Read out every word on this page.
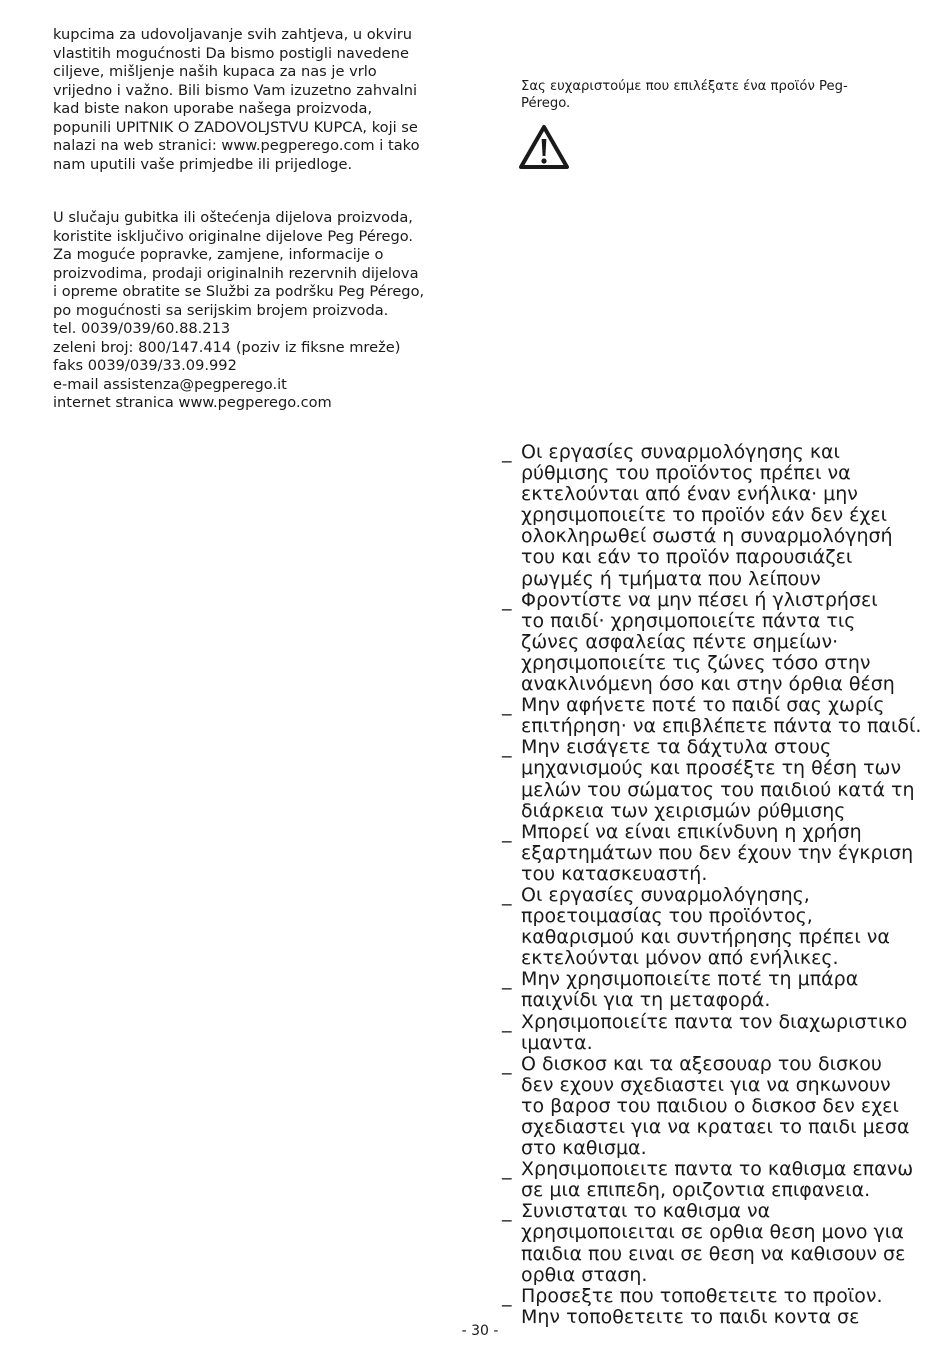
kupcima za udovoljavanje svih zahtjeva, u okviru
vlastitih mogućnosti Da bismo postigli navedene
ciljeve, mišljenje naših kupaca za nas je vrlo
vrijedno i važno. Bili bismo Vam izuzetno zahvalni
kad biste nakon uporabe našega proizvoda,
popunili UPITNIK O ZADOVOLJSTVU KUPCA, koji se
nalazi na web stranici: www.pegperego.com i tako
nam uputili vaše primjedbe ili prijedloge.

U slučaju gubitka ili oštećenja dijelova proizvoda,
koristite isključivo originalne dijelove Peg Pérego.
Za moguće popravke, zamjene, informacije o
proizvodima, prodaji originalnih rezervnih dijelova
i opreme obratite se Službi za podršku Peg Pérego,
po mogućnosti sa serijskim brojem proizvoda.
tel. 0039/039/60.88.213
zeleni broj: 800/147.414 (poziv iz fiksne mreže)
faks 0039/039/33.09.992
e-mail assistenza@pegperego.it
internet stranica www.pegperego.com

Σας ευχαριστούμε που επιλέξατε ένα προϊόν Peg-
Pérego.

_ Οι εργασίες συναρμολόγησης και
ρύθμισης του προϊόντος πρέπει να
εκτελούνται από έναν ενήλικα· μην
χρησιμοποιείτε το προϊόν εάν δεν έχει
ολοκληρωθεί σωστά η συναρμολόγησή
του και εάν το προϊόν παρουσιάζει
ρωγμές ή τμήματα που λείπουν
_ Φροντίστε να μην πέσει ή γλιστρήσει
το παιδί· χρησιμοποιείτε πάντα τις
ζώνες ασφαλείας πέντε σημείων·
χρησιμοποιείτε τις ζώνες τόσο στην
ανακλινόμενη όσο και στην όρθια θέση
_ Μην αφήνετε ποτέ το παιδί σας χωρίς
επιτήρηση· να επιβλέπετε πάντα το παιδί.
_ Μην εισάγετε τα δάχτυλα στους
μηχανισμούς και προσέξτε τη θέση των
μελών του σώματος του παιδιού κατά τη
διάρκεια των χειρισμών ρύθμισης
_ Μπορεί να είναι επικίνδυνη η χρήση
εξαρτημάτων που δεν έχουν την έγκριση
του κατασκευαστή.
_ Οι εργασίες συναρμολόγησης,
προετοιμασίας του προϊόντος,
καθαρισμού και συντήρησης πρέπει να
εκτελούνται μόνον από ενήλικες.
_ Μην χρησιμοποιείτε ποτέ τη μπάρα
παιχνίδι για τη μεταφορά.
_ Χρησιμοποιείτε παντα τον διαχωριστικο
ιμαντα.
_ Ο δισκοσ και τα αξεσουαρ του δισκου
δεν εχουν σχεδιαστει για να σηκωνουν
το βαροσ του παιδιου ο δισκοσ δεν εχει
σχεδιαστει για να κραταει το παιδι μεσα
στο καθισμα.
_ Χρησιμοποιειτε παντα το καθισμα επανω
σε μια επιπεδη, οριζοντια επιφανεια.
_ Συνισταται το καθισμα να
χρησιμοποιειται σε ορθια θεση μονο για
παιδια που ειναι σε θεση να καθισουν σε
ορθια σταση.
_ Προσεξτε που τοποθετειτε το προϊον.
Μην τοποθετειτε το παιδι κοντα σε
- 30 -
